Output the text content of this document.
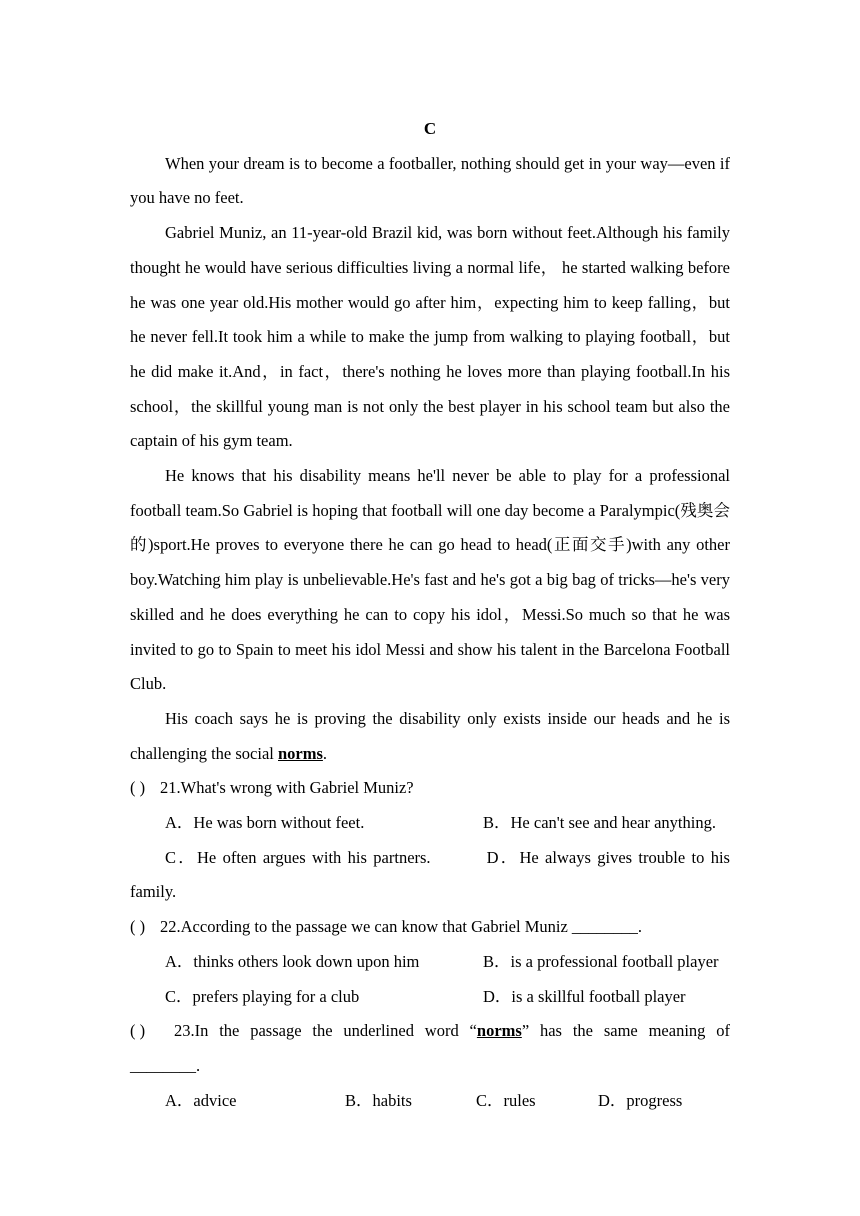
C
When your dream is to become a footballer, nothing should get in your way—even if you have no feet.
Gabriel Muniz, an 11-year-old Brazil kid, was born without feet.Although his family thought he would have serious difficulties living a normal life， he started walking before he was one year old.His mother would go after him，expecting him to keep falling，but he never fell.It took him a while to make the jump from walking to playing football，but he did make it.And，in fact，there's nothing he loves more than playing football.In his school，the skillful young man is not only the best player in his school team but also the captain of his gym team.
He knows that his disability means he'll never be able to play for a professional football team.So Gabriel is hoping that football will one day become a Paralympic(残奥会的)sport.He proves to everyone there he can go head to head(正面交手)with any other boy.Watching him play is unbelievable.He's fast and he's got a big bag of tricks—he's very skilled and he does everything he can to copy his idol，Messi.So much so that he was invited to go to Spain to meet his idol Messi and show his talent in the Barcelona Football Club.
His coach says he is proving the disability only exists inside our heads and he is challenging the social norms.
( ) 21.What's wrong with Gabriel Muniz?
A．He was born without feet.	B．He can't see and hear anything.
C．He often argues with his partners.	D．He always gives trouble to his family.
( ) 22.According to the passage we can know that Gabriel Muniz ________.
A．thinks others look down upon him	B．is a professional football player
C．prefers playing for a club	D．is a skillful football player
( ) 23.In the passage the underlined word “norms” has the same meaning of ________.
A．advice	B．habits	C．rules	D．progress
